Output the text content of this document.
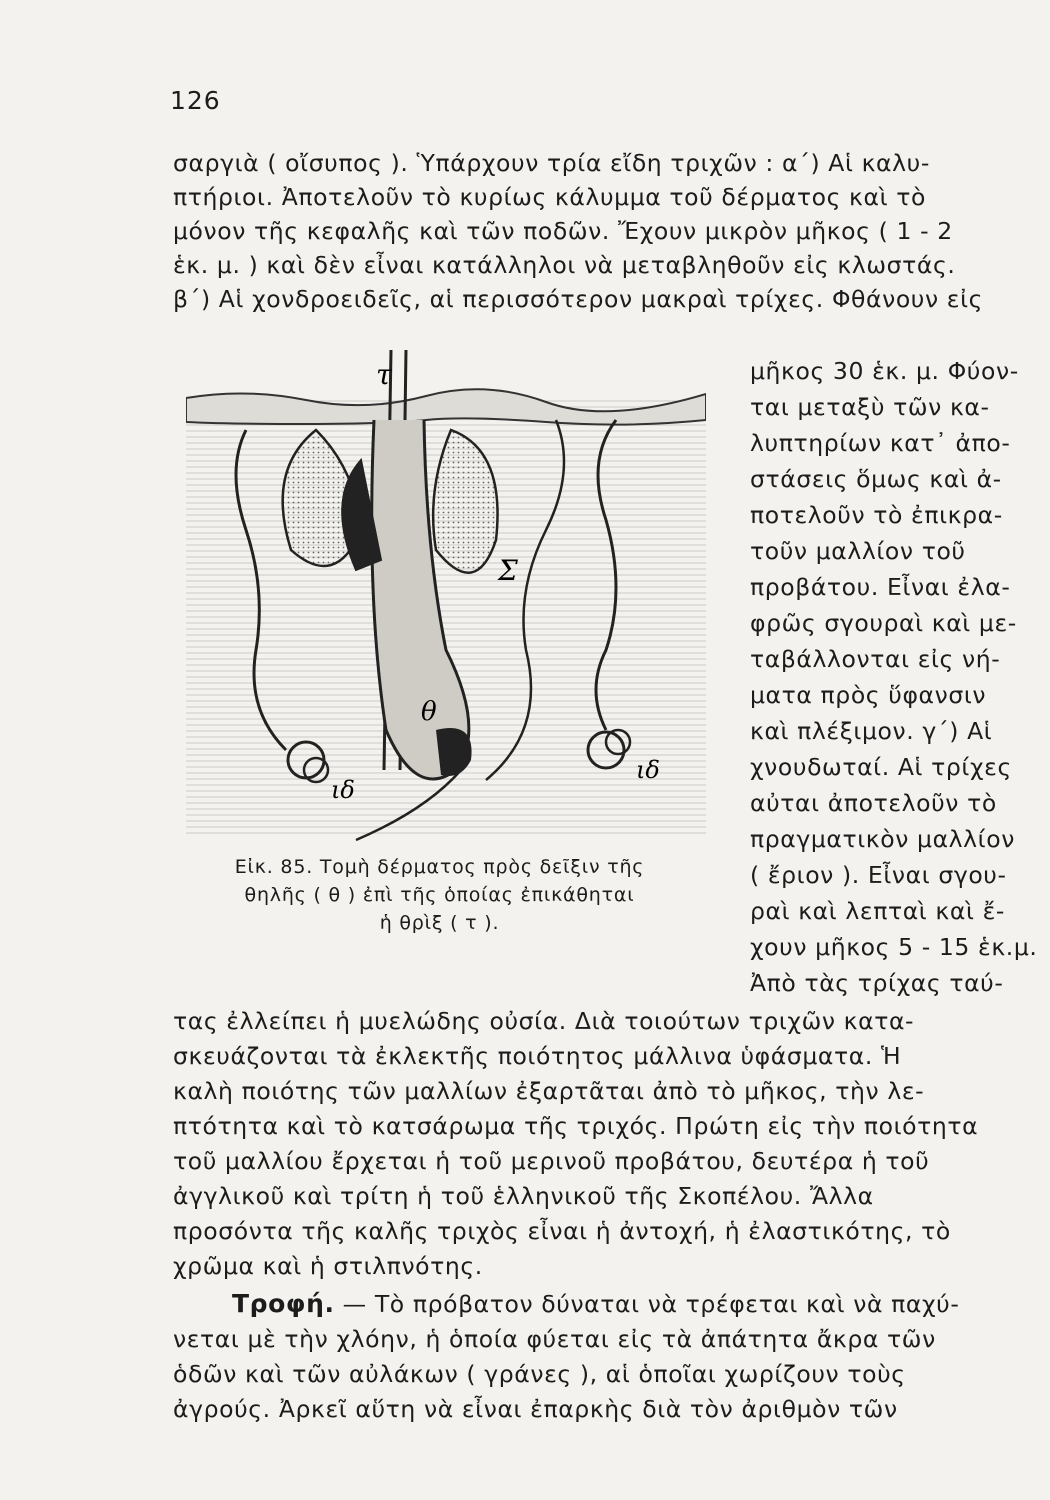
126
σαργιὰ ( οἴσυπος ). Ὑπάρχουν τρία εἴδη τριχῶν : α΄) Αἱ καλυ-
πτήριοι. Ἀποτελοῦν τὸ κυρίως κάλυμμα τοῦ δέρματος καὶ τὸ
μόνον τῆς κεφαλῆς καὶ τῶν ποδῶν. Ἔχουν μικρὸν μῆκος ( 1 - 2
ἑκ. μ. ) καὶ δὲν εἶναι κατάλληλοι νὰ μεταβληθοῦν εἰς κλωστάς.
β΄) Αἱ χονδροειδεῖς, αἱ περισσότερον μακραὶ τρίχες. Φθάνουν εἰς
τ
Σ
θ
ιδ
ιδ
μῆκος 30 ἑκ. μ. Φύον-
ται μεταξὺ τῶν κα-
λυπτηρίων κατ᾽ ἀπο-
στάσεις ὅμως καὶ ἀ-
ποτελοῦν τὸ ἐπικρα-
τοῦν μαλλίον τοῦ
προβάτου. Εἶναι ἐλα-
φρῶς σγουραὶ καὶ με-
ταβάλλονται εἰς νή-
ματα πρὸς ὕφανσιν
καὶ πλέξιμον. γ΄) Αἱ
χνουδωταί. Αἱ τρίχες
αὐται ἀποτελοῦν τὸ
πραγματικὸν μαλλίον
( ἔριον ). Εἶναι σγου-
ραὶ καὶ λεπταὶ καὶ ἔ-
χουν μῆκος 5 - 15 ἑκ.μ.
Ἀπὸ τὰς τρίχας ταύ-
Εἰκ. 85. Τομὴ δέρματος πρὸς δεῖξιν τῆς
θηλῆς ( θ ) ἐπὶ τῆς ὁποίας ἐπικάθηται
ἡ θρὶξ ( τ ).
τας ἐλλείπει ἡ μυελώδης οὐσία. Διὰ τοιούτων τριχῶν κατα-
σκευάζονται τὰ ἐκλεκτῆς ποιότητος μάλλινα ὑφάσματα. Ἡ
καλὴ ποιότης τῶν μαλλίων ἐξαρτᾶται ἀπὸ τὸ μῆκος, τὴν λε-
πτότητα καὶ τὸ κατσάρωμα τῆς τριχός. Πρώτη εἰς τὴν ποιότητα
τοῦ μαλλίου ἔρχεται ἡ τοῦ μερινοῦ προβάτου, δευτέρα ἡ τοῦ
ἀγγλικοῦ καὶ τρίτη ἡ τοῦ ἑλληνικοῦ τῆς Σκοπέλου. Ἄλλα
προσόντα τῆς καλῆς τριχὸς εἶναι ἡ ἀντοχή, ἡ ἐλαστικότης, τὸ
χρῶμα καὶ ἡ στιλπνότης.
Τροφή. — Τὸ πρόβατον δύναται νὰ τρέφεται καὶ νὰ παχύ-
νεται μὲ τὴν χλόην, ἡ ὁποία φύεται εἰς τὰ ἀπάτητα ἄκρα τῶν
ὁδῶν καὶ τῶν αὐλάκων ( γράνες ), αἱ ὁποῖαι χωρίζουν τοὺς
ἀγρούς. Ἀρκεῖ αὕτη νὰ εἶναι ἐπαρκὴς διὰ τὸν ἀριθμὸν τῶν
